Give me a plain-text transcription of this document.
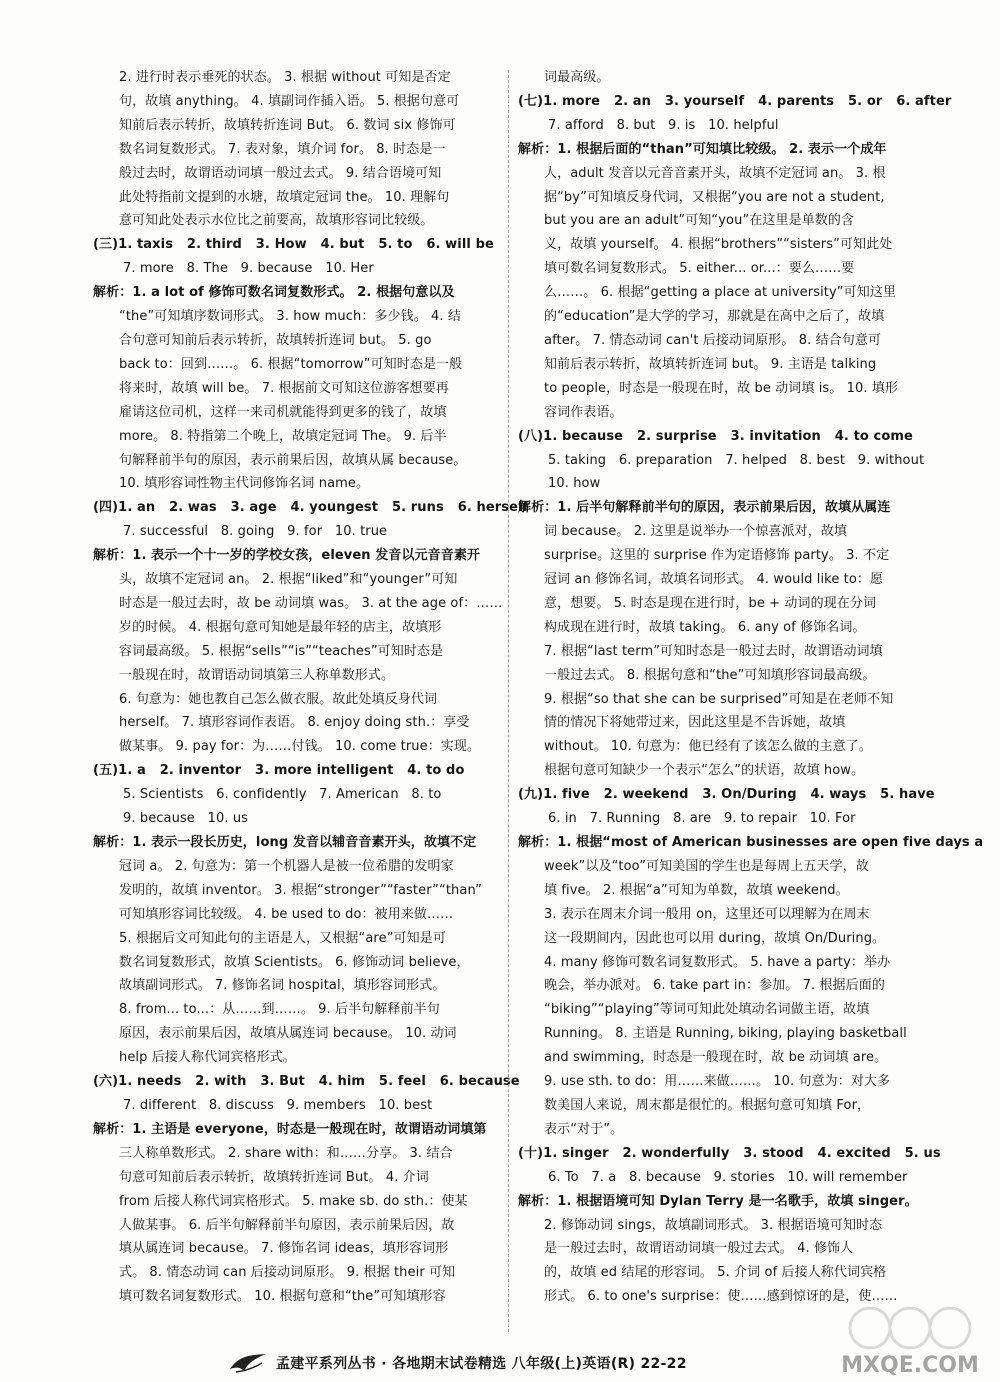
2. 进行时表示垂死的状态。 3. 根据 without 可知是否定
句，故填 anything。 4. 填副词作插入语。 5. 根据句意可
知前后表示转折，故填转折连词 But。 6. 数词 six 修饰可
数名词复数形式。 7. 表对象，填介词 for。 8. 时态是一
般过去时，故谓语动词填一般过去式。 9. 结合语境可知
此处特指前文提到的水塘，故填定冠词 the。 10. 理解句
意可知此处表示水位比之前要高，故填形容词比较级。
(三)1. taxis   2. third   3. How   4. but   5. to   6. will be
7. more   8. The   9. because   10. Her
解析：1. a lot of 修饰可数名词复数形式。 2. 根据句意以及
“the”可知填序数词形式。 3. how much：多少钱。 4. 结
合句意可知前后表示转折，故填转折连词 but。 5. go
back to：回到……。 6. 根据“tomorrow”可知时态是一般
将来时，故填 will be。 7. 根据前文可知这位游客想要再
雇请这位司机，这样一来司机就能得到更多的钱了，故填
more。 8. 特指第二个晚上，故填定冠词 The。 9. 后半
句解释前半句的原因，表示前果后因，故填从属 because。
10. 填形容词性物主代词修饰名词 name。
(四)1. an   2. was   3. age   4. youngest   5. runs   6. herself
7. successful   8. going   9. for   10. true
解析：1. 表示一个十一岁的学校女孩，eleven 发音以元音音素开
头，故填不定冠词 an。 2. 根据“liked”和“younger”可知
时态是一般过去时，故 be 动词填 was。 3. at the age of：……
岁的时候。 4. 根据句意可知她是最年轻的店主，故填形
容词最高级。 5. 根据“sells”“is”“teaches”可知时态是
一般现在时，故谓语动词填第三人称单数形式。
6. 句意为：她也教自己怎么做衣服。故此处填反身代词
herself。 7. 填形容词作表语。 8. enjoy doing sth.：享受
做某事。 9. pay for：为……付钱。 10. come true：实现。
(五)1. a   2. inventor   3. more intelligent   4. to do
5. Scientists   6. confidently   7. American   8. to
9. because   10. us
解析：1. 表示一段长历史，long 发音以辅音音素开头，故填不定
冠词 a。 2. 句意为：第一个机器人是被一位希腊的发明家
发明的，故填 inventor。 3. 根据“stronger”“faster”“than”
可知填形容词比较级。 4. be used to do：被用来做……
5. 根据后文可知此句的主语是人，又根据“are”可知是可
数名词复数形式，故填 Scientists。 6. 修饰动词 believe，
故填副词形式。 7. 修饰名词 hospital，填形容词形式。
8. from... to...：从……到……。 9. 后半句解释前半句
原因，表示前果后因，故填从属连词 because。 10. 动词
help 后接人称代词宾格形式。
(六)1. needs   2. with   3. But   4. him   5. feel   6. because
7. different   8. discuss   9. members   10. best
解析：1. 主语是 everyone，时态是一般现在时，故谓语动词填第
三人称单数形式。 2. share with：和……分享。 3. 结合
句意可知前后表示转折，故填转折连词 But。 4. 介词
from 后接人称代词宾格形式。 5. make sb. do sth.：使某
人做某事。 6. 后半句解释前半句原因，表示前果后因，故
填从属连词 because。 7. 修饰名词 ideas，填形容词形
式。 8. 情态动词 can 后接动词原形。 9. 根据 their 可知
填可数名词复数形式。 10. 根据句意和“the”可知填形容
词最高级。
(七)1. more   2. an   3. yourself   4. parents   5. or   6. after
7. afford   8. but   9. is   10. helpful
解析：1. 根据后面的“than”可知填比较级。 2. 表示一个成年
人，adult 发音以元音音素开头，故填不定冠词 an。 3. 根
据“by”可知填反身代词，又根据“you are not a student,
but you are an adult”可知“you”在这里是单数的含
义，故填 yourself。 4. 根据“brothers”“sisters”可知此处
填可数名词复数形式。 5. either... or...：要么……要
么……。 6. 根据“getting a place at university”可知这里
的“education”是大学的学习，那就是在高中之后了，故填
after。 7. 情态动词 can't 后接动词原形。 8. 结合句意可
知前后表示转折，故填转折连词 but。 9. 主语是 talking
to people，时态是一般现在时，故 be 动词填 is。 10. 填形
容词作表语。
(八)1. because   2. surprise   3. invitation   4. to come
5. taking   6. preparation   7. helped   8. best   9. without
10. how
解析：1. 后半句解释前半句的原因，表示前果后因，故填从属连
词 because。 2. 这里是说举办一个惊喜派对，故填
surprise。这里的 surprise 作为定语修饰 party。 3. 不定
冠词 an 修饰名词，故填名词形式。 4. would like to：愿
意，想要。 5. 时态是现在进行时，be + 动词的现在分词
构成现在进行时，故填 taking。 6. any of 修饰名词。
7. 根据“last term”可知时态是一般过去时，故谓语动词填
一般过去式。 8. 根据句意和“the”可知填形容词最高级。
9. 根据“so that she can be surprised”可知是在老师不知
情的情况下将她带过来，因此这里是不告诉她，故填
without。 10. 句意为：他已经有了该怎么做的主意了。
根据句意可知缺少一个表示“怎么”的状语，故填 how。
(九)1. five   2. weekend   3. On/During   4. ways   5. have
6. in   7. Running   8. are   9. to repair   10. For
解析：1. 根据“most of American businesses are open five days a
week”以及“too”可知美国的学生也是每周上五天学，故
填 five。 2. 根据“a”可知为单数，故填 weekend。
3. 表示在周末介词一般用 on，这里还可以理解为在周末
这一段期间内，因此也可以用 during，故填 On/During。
4. many 修饰可数名词复数形式。 5. have a party：举办
晚会，举办派对。 6. take part in：参加。 7. 根据后面的
“biking”“playing”等词可知此处填动名词做主语，故填
Running。 8. 主语是 Running, biking, playing basketball
and swimming，时态是一般现在时，故 be 动词填 are。
9. use sth. to do：用……来做……。 10. 句意为：对大多
数美国人来说，周末都是很忙的。根据句意可知填 For，
表示“对于”。
(十)1. singer   2. wonderfully   3. stood   4. excited   5. us
6. To   7. a   8. because   9. stories   10. will remember
解析：1. 根据语境可知 Dylan Terry 是一名歌手，故填 singer。
2. 修饰动词 sings，故填副词形式。 3. 根据语境可知时态
是一般过去时，故谓语动词填一般过去式。 4. 修饰人
的，故填 ed 结尾的形容词。 5. 介词 of 后接人称代词宾格
形式。 6. to one's surprise：使……感到惊讶的是，使……
孟建平系列丛书 · 各地期末试卷精选 八年级(上)英语(R) 22-22	MXQE.COM
